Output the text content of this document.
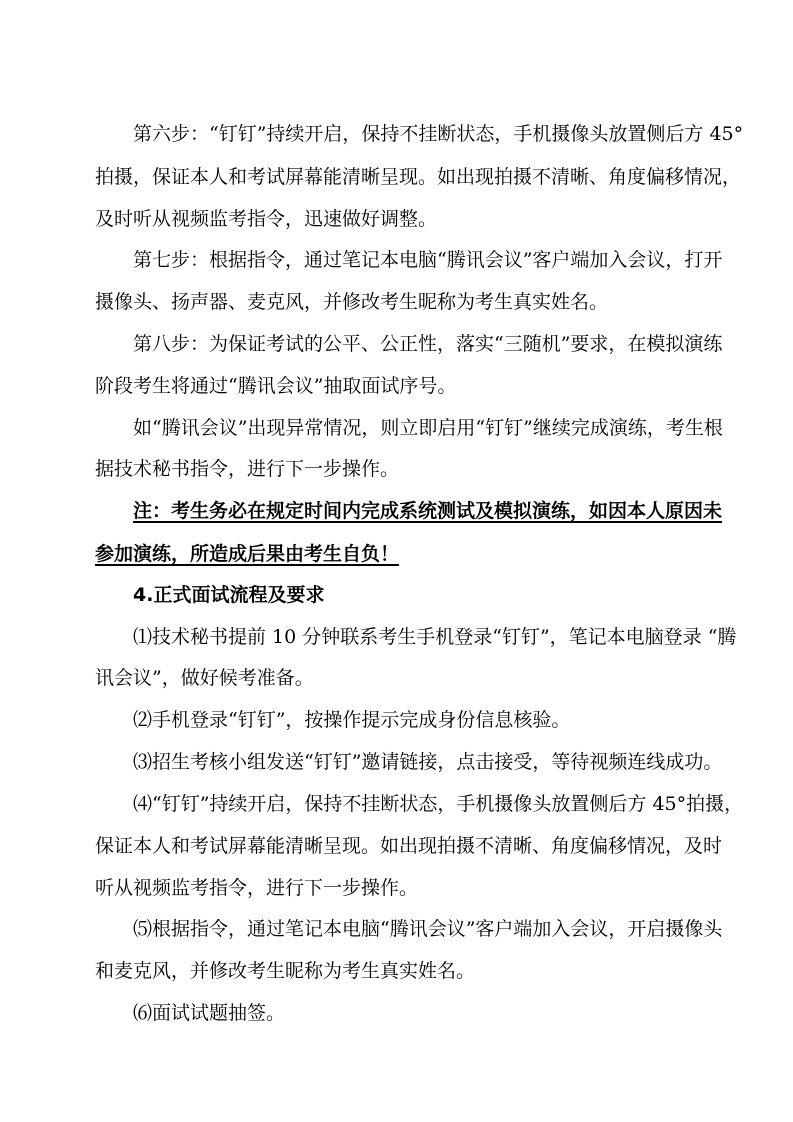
第六步：“钉钉”持续开启，保持不挂断状态，手机摄像头放置侧后方 45°
拍摄，保证本人和考试屏幕能清晰呈现。如出现拍摄不清晰、角度偏移情况，
及时听从视频监考指令，迅速做好调整。
第七步：根据指令，通过笔记本电脑“腾讯会议”客户端加入会议，打开
摄像头、扬声器、麦克风，并修改考生昵称为考生真实姓名。
第八步：为保证考试的公平、公正性，落实“三随机”要求，在模拟演练
阶段考生将通过“腾讯会议”抽取面试序号。
如“腾讯会议”出现异常情况，则立即启用“钉钉”继续完成演练，考生根
据技术秘书指令，进行下一步操作。
注：考生务必在规定时间内完成系统测试及模拟演练，如因本人原因未
参加演练，所造成后果由考生自负！
4.正式面试流程及要求
⑴技术秘书提前 10 分钟联系考生手机登录“钉钉”，笔记本电脑登录 “腾
讯会议”，做好候考准备。
⑵手机登录“钉钉”，按操作提示完成身份信息核验。
⑶招生考核小组发送“钉钉”邀请链接，点击接受，等待视频连线成功。
⑷“钉钉”持续开启，保持不挂断状态，手机摄像头放置侧后方 45°拍摄，
保证本人和考试屏幕能清晰呈现。如出现拍摄不清晰、角度偏移情况，及时
听从视频监考指令，进行下一步操作。
⑸根据指令，通过笔记本电脑“腾讯会议”客户端加入会议，开启摄像头
和麦克风，并修改考生昵称为考生真实姓名。
⑹面试试题抽签。
